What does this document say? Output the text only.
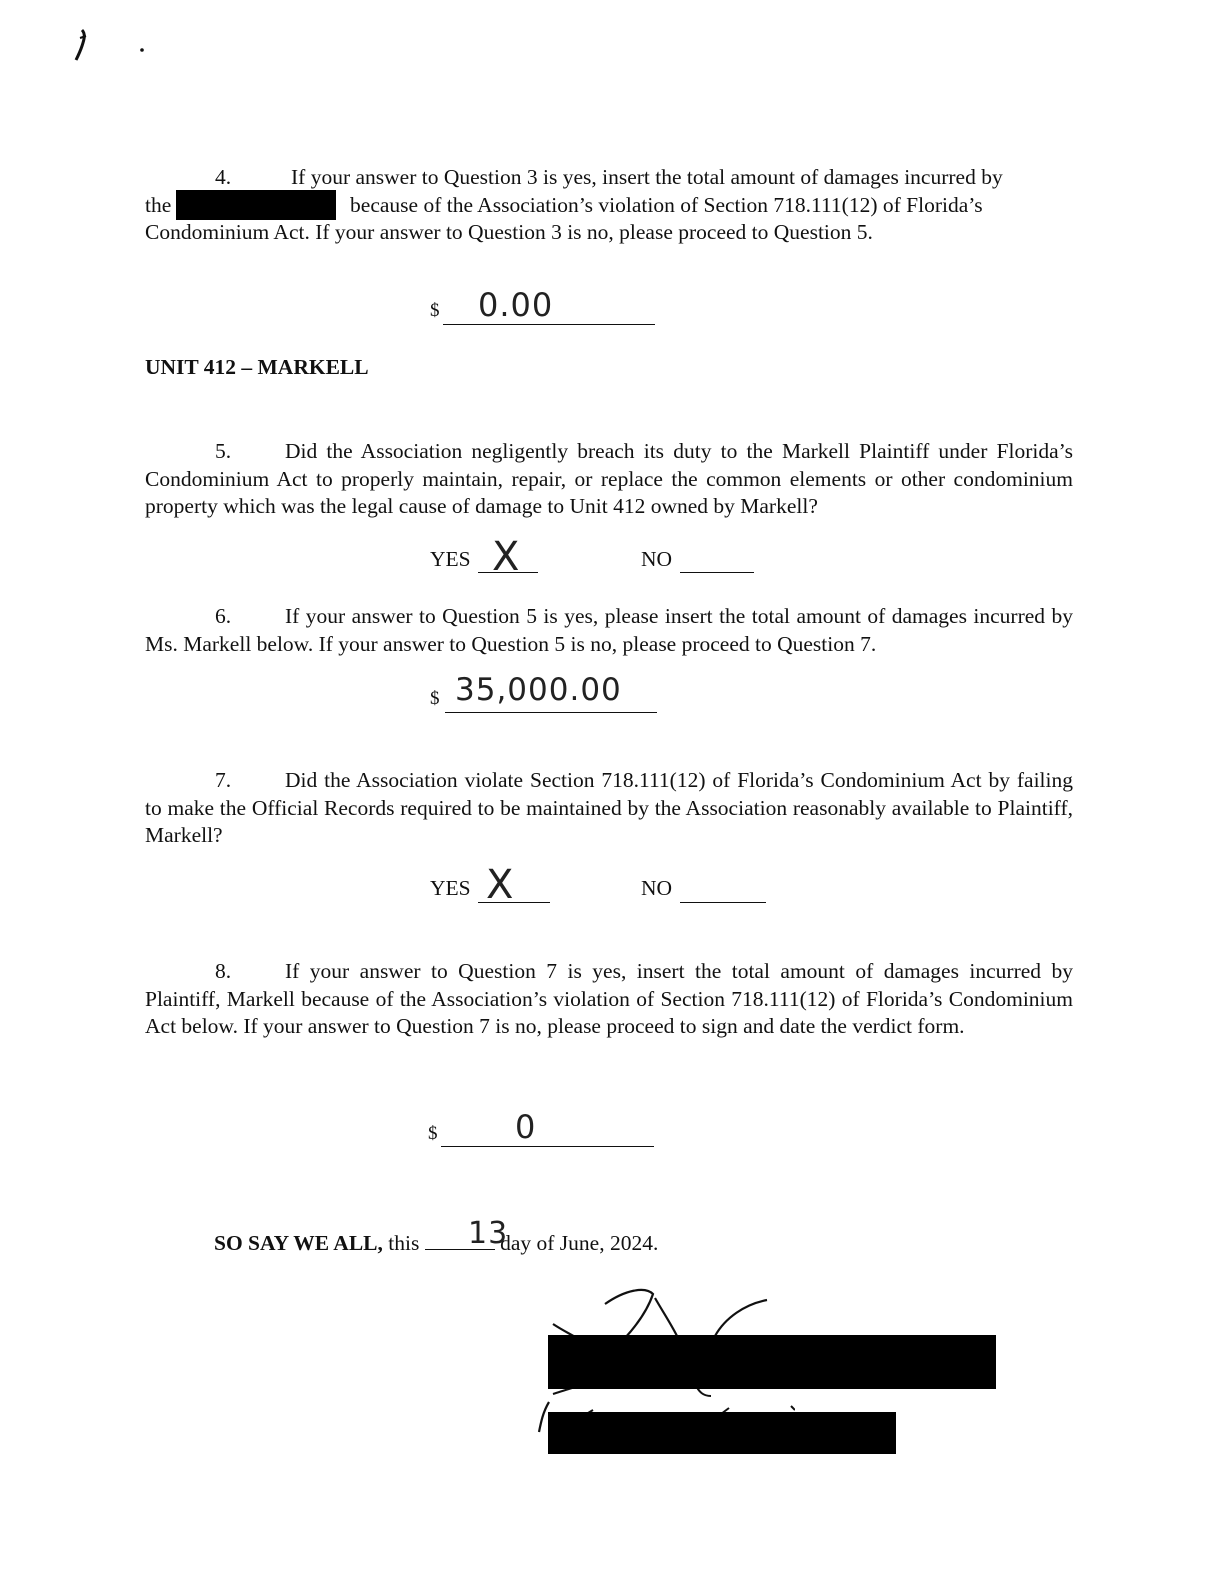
4.	If your answer to Question 3 is yes, insert the total amount of damages incurred by
the	because of the Association’s violation of Section 718.111(12) of Florida’s
Condominium Act. If your answer to Question 3 is no, please proceed to Question 5.
$ 0.00
UNIT 412 – MARKELL
5.	Did the Association negligently breach its duty to the Markell Plaintiff under Florida’s Condominium Act to properly maintain, repair, or replace the common elements or other condominium property which was the legal cause of damage to Unit 412 owned by Markell?
YES X	NO
6.	If your answer to Question 5 is yes, please insert the total amount of damages incurred by Ms. Markell below. If your answer to Question 5 is no, please proceed to Question 7.
$ 35,000.00
7.	Did the Association violate Section 718.111(12) of Florida’s Condominium Act by failing to make the Official Records required to be maintained by the Association reasonably available to Plaintiff, Markell?
YES X	NO
8.	If your answer to Question 7 is yes, insert the total amount of damages incurred by Plaintiff, Markell because of the Association’s violation of Section 718.111(12) of Florida’s Condominium Act below. If your answer to Question 7 is no, please proceed to sign and date the verdict form.
$ 0
SO SAY WE ALL, this	day of June, 2024.
13
